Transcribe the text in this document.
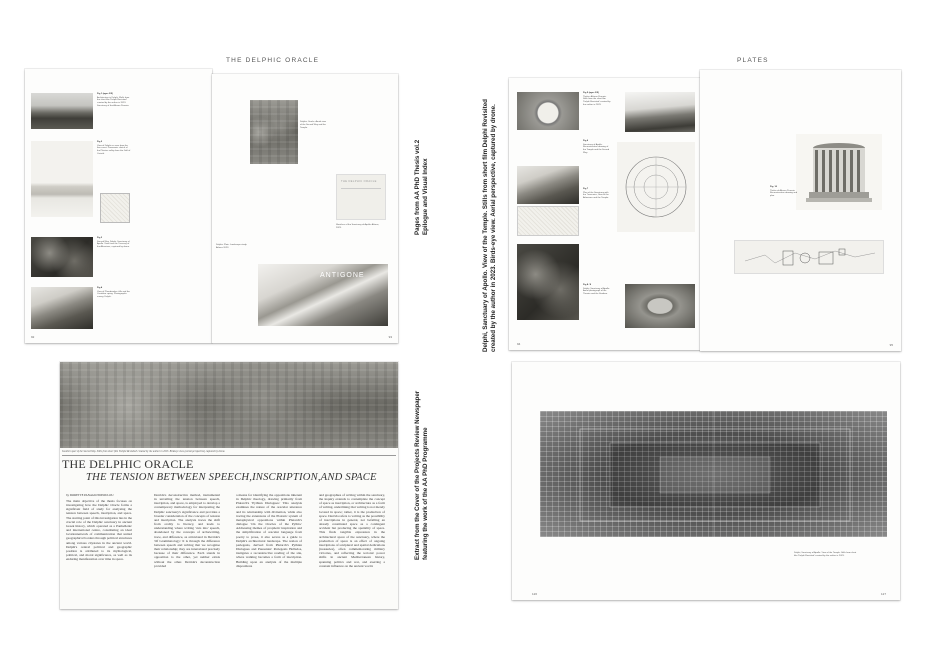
THE DELPHIC ORACLE
Fig 1 (ages 3/5)
Architecture in Delphi. Walls from the short film 'Delphi Revisited' created by the author in 2023. Sanctuary of the Athena Pronaia.
Fig 2
View of Delphi as seen from the Itea coast. Panoramic sketch of the Pleistos valley from the Gulf of Corinth.
Fig 3
Sacred Way. Delphi, Sanctuary of Apollo. View from the Treasury of the Athenians, captured by drone.
Fig 4
View of Phaedriades cliffs and the Castalian spring. Photographic survey, Delphi.
92
Delphic Oracle. Aerial view of the Sacred Way and the Temple.
THE DELPHIC ORACLE
Sketches of the Sanctuary of Apollo. Athens, 2023.
ANTIGONE
Delphic Plain. Landscape study. Athens 2023.
93
Pages from AA PhD Thesis vol.2 Epilogue and Visual Index	Delphi, Sanctuary of Apollo. View of the Temple. Stills from short film Delphi Revisited created by the author in 2023. Birds-eye view. Aerial perspective, captured by drone.
PLATES
Fig 5 (ages 3/5)
Tholos, Athena Pronaia. Stills from the short film 'Delphi Revisited' created by the author in 2023.
Fig 6
Sanctuary of Apollo. Reconstruction drawing of the Temple and the Sacred Way.
Fig 7
Plan of the Sanctuary with the Treasuries, Stoa of the Athenians and the Temple.
Fig 8 / 9
Delphi, Sanctuary of Apollo. Aerial photograph of the Theatre and the Stadium.
94
Fig. 10
Tholos of Athena Pronaia. Reconstruction drawing and plan.
95
Southern part of the Sacred Way. Stills from short film 'Delphi Revisited' created by the author in 2023. Birdseye view (aerial perspective) captured by drone.
THE DELPHIC ORACLE
THE TENSION BETWEEN SPEECH,INSCRIPTION,AND SPACE
by DORETTE PANAGIOTOPOULOU
The main objective of the thesis focuses on investigating how the Delphic Oracle forms a significant field of study for analysing the tension between speech, inscription, and space. The starting point of this investigation lies in the crucial role of the Delphic sanctuary in ancient Greek history, which operated as a Panhellenic and international centre, constituting an ideal locationnetwork of communication that united geographical borders through political structures among various citystates in the ancient world. Delphi's central political and geographic position is attributed to its mythological, political, and moral significance, as well as its enduring manifestation over time in space.
Derrida's deconstructive method, instrumental in unveiling the tension between speech, inscription, and space, is employed to develop a contemporary methodology for interpreting the Delphic sanctuary's significance and provides a broader consideration of the concepts of tension and inscription. The analysis traces the shift from orality to literacy, and leads to understanding where writing 'cuts into' speech, abandoned by the concepts of archewriting, trace, and difference, as articulated in Derrida's 'Of Grammatology.' It is through the difference between speech and writing that we recognise their relationship; they are interrelated precisely because of their difference. Each stands in opposition to the other, yet neither exists without the other. Derrida's deconstruction provided
a means for identifying the oppositions inherent in Delphic theology, drawing primarily from Plutarch's 'Pythian Dialogues.' This analysis examines the nature of the oracular utterance and its relationship with divination, while also tracing the extensions of the Platonic system of metaphysical oppositions within Plutarch's dialogue 'On the Oracles of the Pythia.' Addressing themes of prophetic inspiration and the simplification of oracular language from poetry to prose, it also serves as a guide to Delphi's architectural landscape. The notion of periegesis, derived from Plutarch's Pythian Dialogues and Pausanias' Periegesis Hellados, instigates a reconstructive reading of the site, where walking becomes a form of inscription. Building upon an analysis of the multiple dispositions
and geographies of writing within the sanctuary, the inquiry extends to contemplate the concept of space as inscription, or architecture as a form of writing, underlining that writing is not merely located in space; rather, it is the production of space. Derrida refers to writing as the possibility of inscriptions in general, not befalling an already constituted space as a contingent accident but producing the spatiality of space. This finds tangible expression in the architectural space of the sanctuary, where the production of space is an effect of ongoing inscriptions of sculptural and spatial dedications (treasuries), often commemorating military victories, and reflecting the tectonic power shifts in ancient Mediterranean history, spanning politics and war, and exerting a constant influence on the ancient world.
Extract from the Cover of the Projects Review Newspaper featuring the work of the AA PhD Programme	Delphi, Sanctuary of Apollo. View of the Temple. Stills from short film 'Delphi Revisited' created by the author in 2023.
126	127
